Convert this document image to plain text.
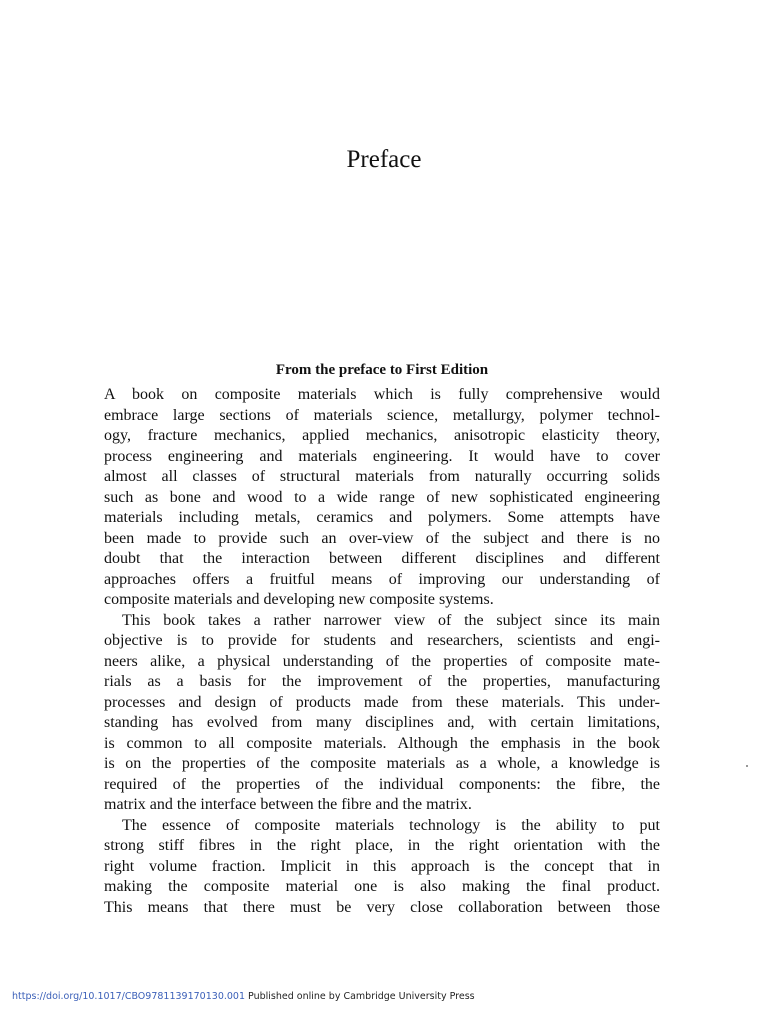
Preface
From the preface to First Edition
A book on composite materials which is fully comprehensive would
embrace large sections of materials science, metallurgy, polymer technol-
ogy, fracture mechanics, applied mechanics, anisotropic elasticity theory,
process engineering and materials engineering. It would have to cover
almost all classes of structural materials from naturally occurring solids
such as bone and wood to a wide range of new sophisticated engineering
materials including metals, ceramics and polymers. Some attempts have
been made to provide such an over-view of the subject and there is no
doubt that the interaction between different disciplines and different
approaches offers a fruitful means of improving our understanding of
composite materials and developing new composite systems.
This book takes a rather narrower view of the subject since its main
objective is to provide for students and researchers, scientists and engi-
neers alike, a physical understanding of the properties of composite mate-
rials as a basis for the improvement of the properties, manufacturing
processes and design of products made from these materials. This under-
standing has evolved from many disciplines and, with certain limitations,
is common to all composite materials. Although the emphasis in the book
is on the properties of the composite materials as a whole, a knowledge is
required of the properties of the individual components: the fibre, the
matrix and the interface between the fibre and the matrix.
The essence of composite materials technology is the ability to put
strong stiff fibres in the right place, in the right orientation with the
right volume fraction. Implicit in this approach is the concept that in
making the composite material one is also making the final product.
This means that there must be very close collaboration between those
https://doi.org/10.1017/CBO9781139170130.001 Published online by Cambridge University Press
